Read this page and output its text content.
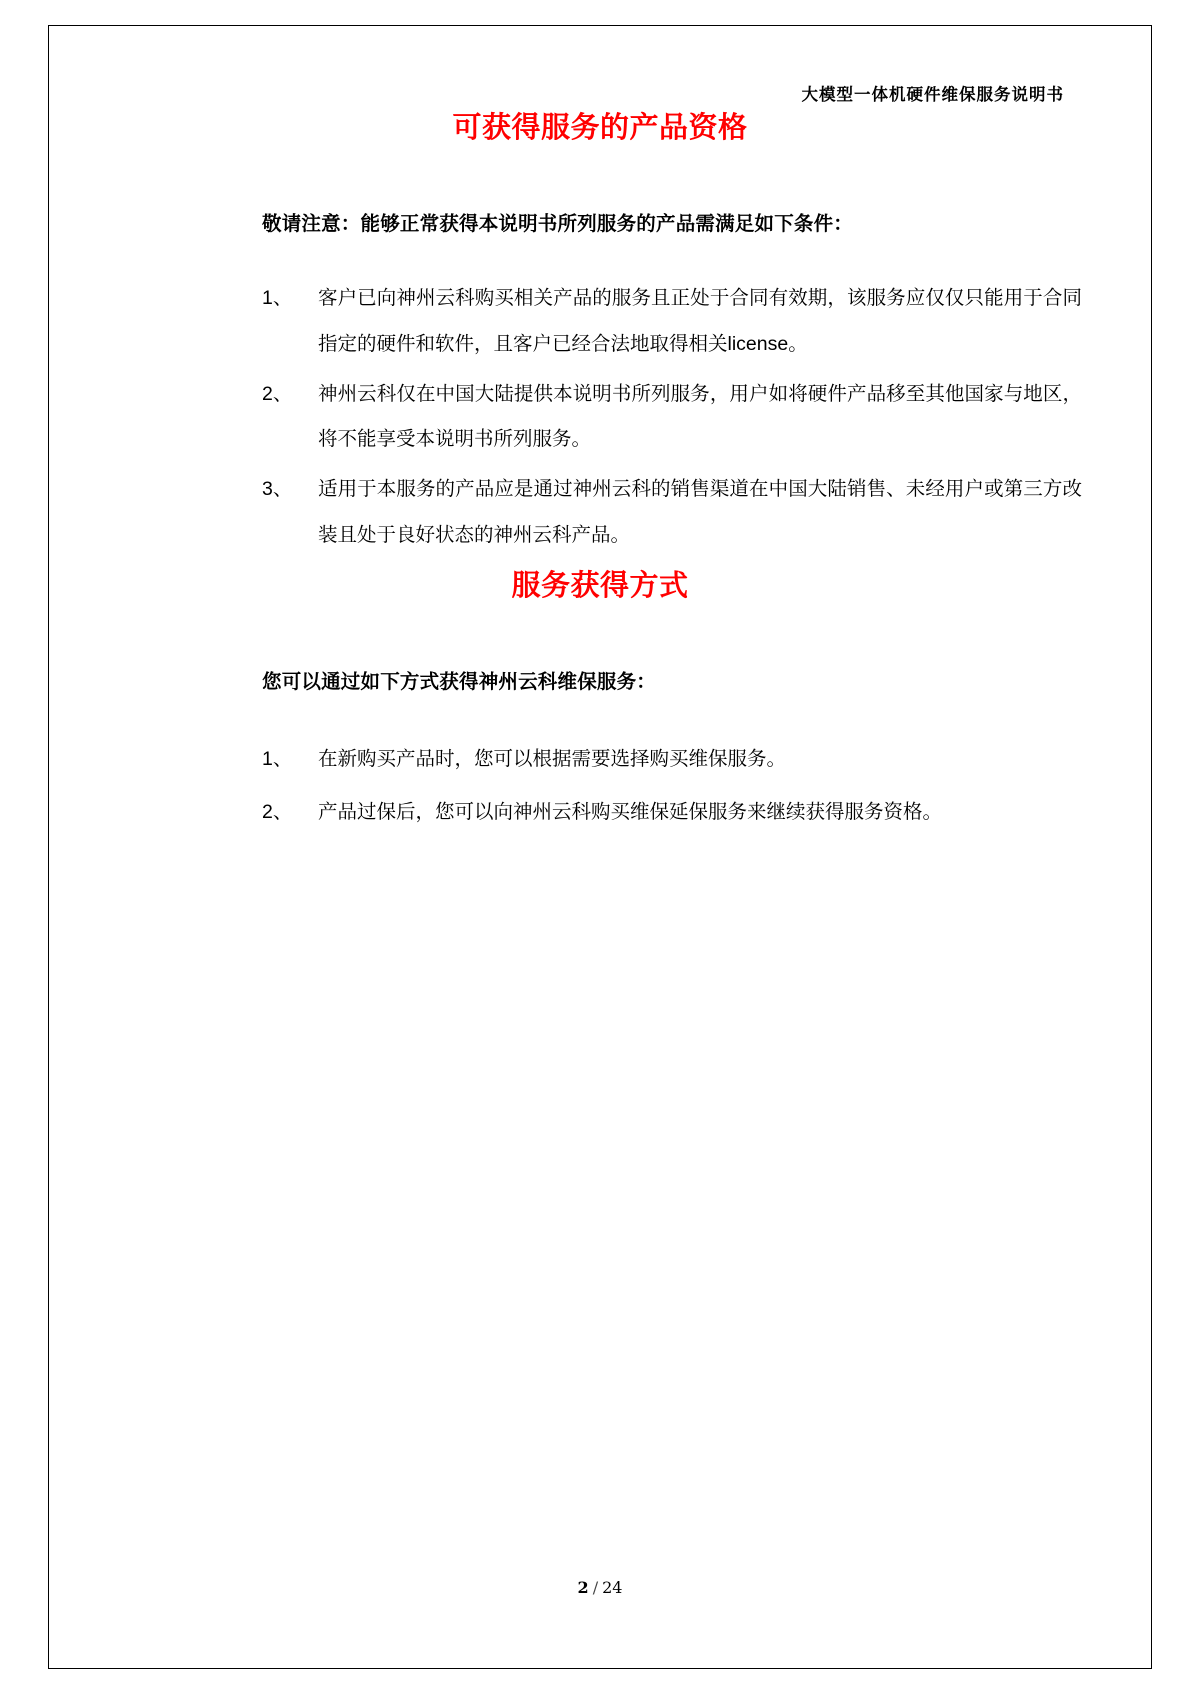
大模型一体机硬件维保服务说明书
可获得服务的产品资格

敬请注意：能够正常获得本说明书所列服务的产品需满足如下条件：

1、	客户已向神州云科购买相关产品的服务且正处于合同有效期，该服务应仅仅只能用于合同指定的硬件和软件，且客户已经合法地取得相关license。
2、	神州云科仅在中国大陆提供本说明书所列服务，用户如将硬件产品移至其他国家与地区，将不能享受本说明书所列服务。
3、	适用于本服务的产品应是通过神州云科的销售渠道在中国大陆销售、未经用户或第三方改装且处于良好状态的神州云科产品。
服务获得方式

您可以通过如下方式获得神州云科维保服务：

1、	在新购买产品时，您可以根据需要选择购买维保服务。
2、	产品过保后，您可以向神州云科购买维保延保服务来继续获得服务资格。
2 / 24
